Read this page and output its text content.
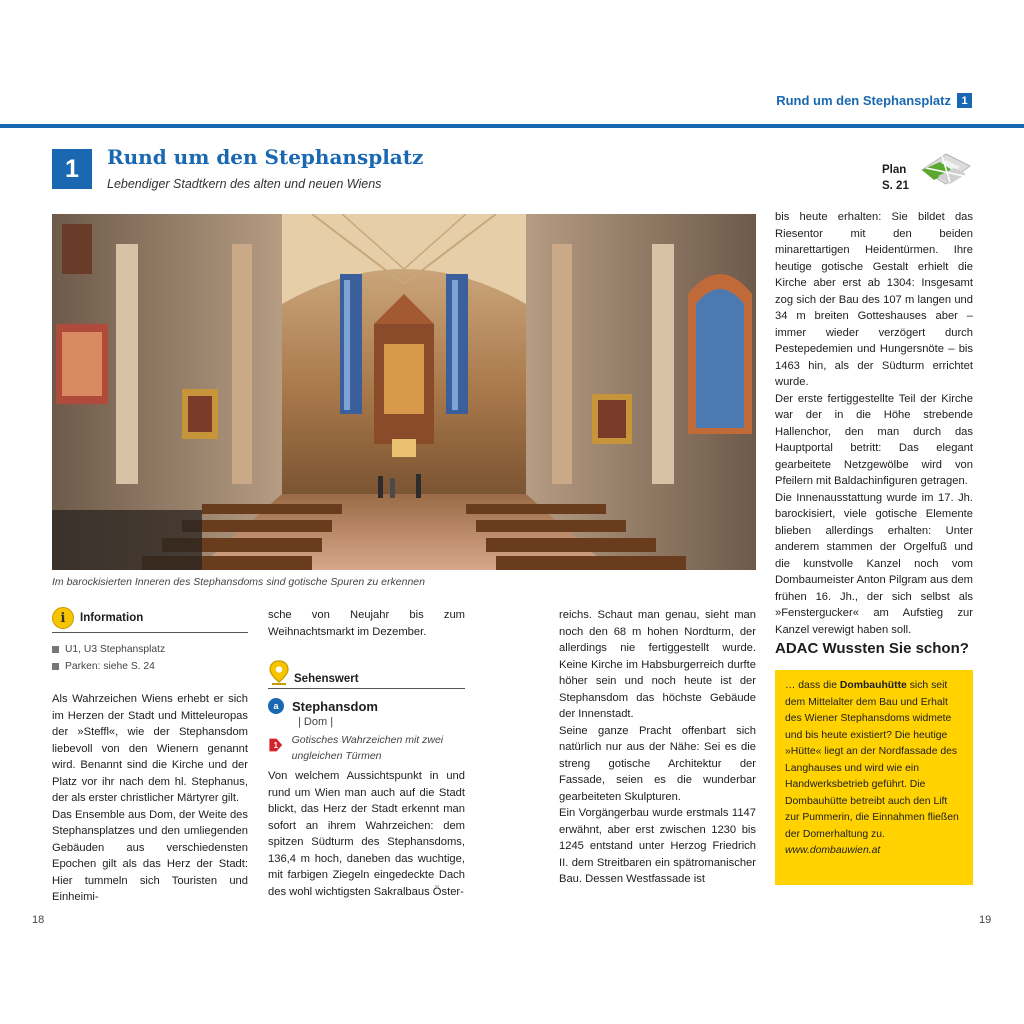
Rund um den Stephansplatz 1
1	Rund um den Stephansplatz
Lebendiger Stadtkern des alten und neuen Wiens
Plan
S. 21
Im barockisierten Inneren des Stephansdoms sind gotische Spuren zu erkennen
i	Information
U1, U3 Stephansplatz
Parken: siehe S. 24

Als Wahrzeichen Wiens erhebt er sich im Herzen der Stadt und Mitteleuropas der »Steffl«, wie der Stephansdom liebevoll von den Wienern genannt wird. Benannt sind die Kirche und der Platz vor ihr nach dem hl. Stephanus, der als erster christlicher Märtyrer gilt.

Das Ensemble aus Dom, der Weite des Stephansplatzes und den umliegenden Gebäuden aus verschiedensten Epochen gilt als das Herz der Stadt: Hier tummeln sich Touristen und Einheimi-

sche von Neujahr bis zum Weihnachtsmarkt im Dezember.
Sehenswert
a	Stephansdom
| Dom |
1 Gotisches Wahrzeichen mit zwei ungleichen Türmen
Von welchem Aussichtspunkt in und rund um Wien man auch auf die Stadt blickt, das Herz der Stadt erkennt man sofort an ihrem Wahrzeichen: dem spitzen Südturm des Stephansdoms, 136,4 m hoch, daneben das wuchtige, mit farbigen Ziegeln eingedeckte Dach des wohl wichtigsten Sakralbaus Öster-

reichs. Schaut man genau, sieht man noch den 68 m hohen Nordturm, der allerdings nie fertiggestellt wurde. Keine Kirche im Habsburgerreich durfte höher sein und noch heute ist der Stephansdom das höchste Gebäude der Innenstadt.

Seine ganze Pracht offenbart sich natürlich nur aus der Nähe: Sei es die streng gotische Architektur der Fassade, seien es die wunderbar gearbeiteten Skulpturen.

Ein Vorgängerbau wurde erstmals 1147 erwähnt, aber erst zwischen 1230 bis 1245 entstand unter Herzog Friedrich II. dem Streitbaren ein spätromanischer Bau. Dessen Westfassade ist

bis heute erhalten: Sie bildet das Riesentor mit den beiden minarettartigen Heidentürmen. Ihre heutige gotische Gestalt erhielt die Kirche aber erst ab 1304: Insgesamt zog sich der Bau des 107 m langen und 34 m breiten Gotteshauses aber – immer wieder verzögert durch Pestepedemien und Hungersnöte – bis 1463 hin, als der Südturm errichtet wurde.

Der erste fertiggestellte Teil der Kirche war der in die Höhe strebende Hallenchor, den man durch das Hauptportal betritt: Das elegant gearbeitete Netzgewölbe wird von Pfeilern mit Baldachinfiguren getragen.

Die Innenausstattung wurde im 17. Jh. barockisiert, viele gotische Elemente blieben allerdings erhalten: Unter anderem stammen der Orgelfuß und die kunstvolle Kanzel noch vom Dombaumeister Anton Pilgram aus dem frühen 16. Jh., der sich selbst als »Fenstergucker« am Aufstieg zur Kanzel verewigt haben soll.

ADAC Wussten Sie schon?
… dass die Dombauhütte sich seit dem Mittelalter dem Bau und Erhalt des Wiener Stephansdoms widmete und bis heute existiert? Die heutige »Hütte« liegt an der Nordfassade des Langhauses und wird wie ein Handwerksbetrieb geführt. Die Dombauhütte betreibt auch den Lift zur Pummerin, die Einnahmen fließen der Domerhaltung zu.
www.dombauwien.at
18	19
